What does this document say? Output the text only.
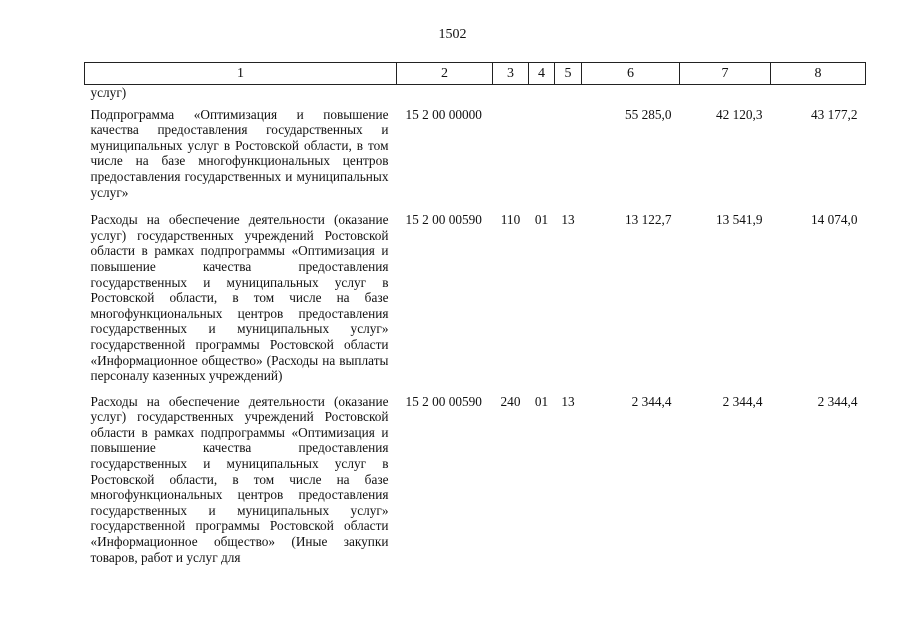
1502
1	2	3	4	5	6	7	8
услуг)							
Подпрограмма «Оптимизация и повышение качества предоставления государственных и муниципальных услуг в Ростовской области, в том числе на базе многофункциональных центров предоставления государственных и муниципальных услуг»	15 2 00 00000				55 285,0	42 120,3	43 177,2
Расходы на обеспечение деятельности (оказание услуг) государственных учреждений Ростовской области в рамках подпрограммы «Оптимизация и повышение качества предоставления государственных и муниципальных услуг в Ростовской области, в том числе на базе многофункциональных центров предоставления государственных и муниципальных услуг» государственной программы Ростовской области «Информационное общество» (Расходы на выплаты персоналу казенных учреждений)	15 2 00 00590	110	01	13	13 122,7	13 541,9	14 074,0
Расходы на обеспечение деятельности (оказание услуг) государственных учреждений Ростовской области в рамках подпрограммы «Оптимизация и повышение качества предоставления государственных и муниципальных услуг в Ростовской области, в том числе на базе многофункциональных центров предоставления государственных и муниципальных услуг» государственной программы Ростовской области «Информационное общество» (Иные закупки товаров, работ и услуг для	15 2 00 00590	240	01	13	2 344,4	2 344,4	2 344,4
